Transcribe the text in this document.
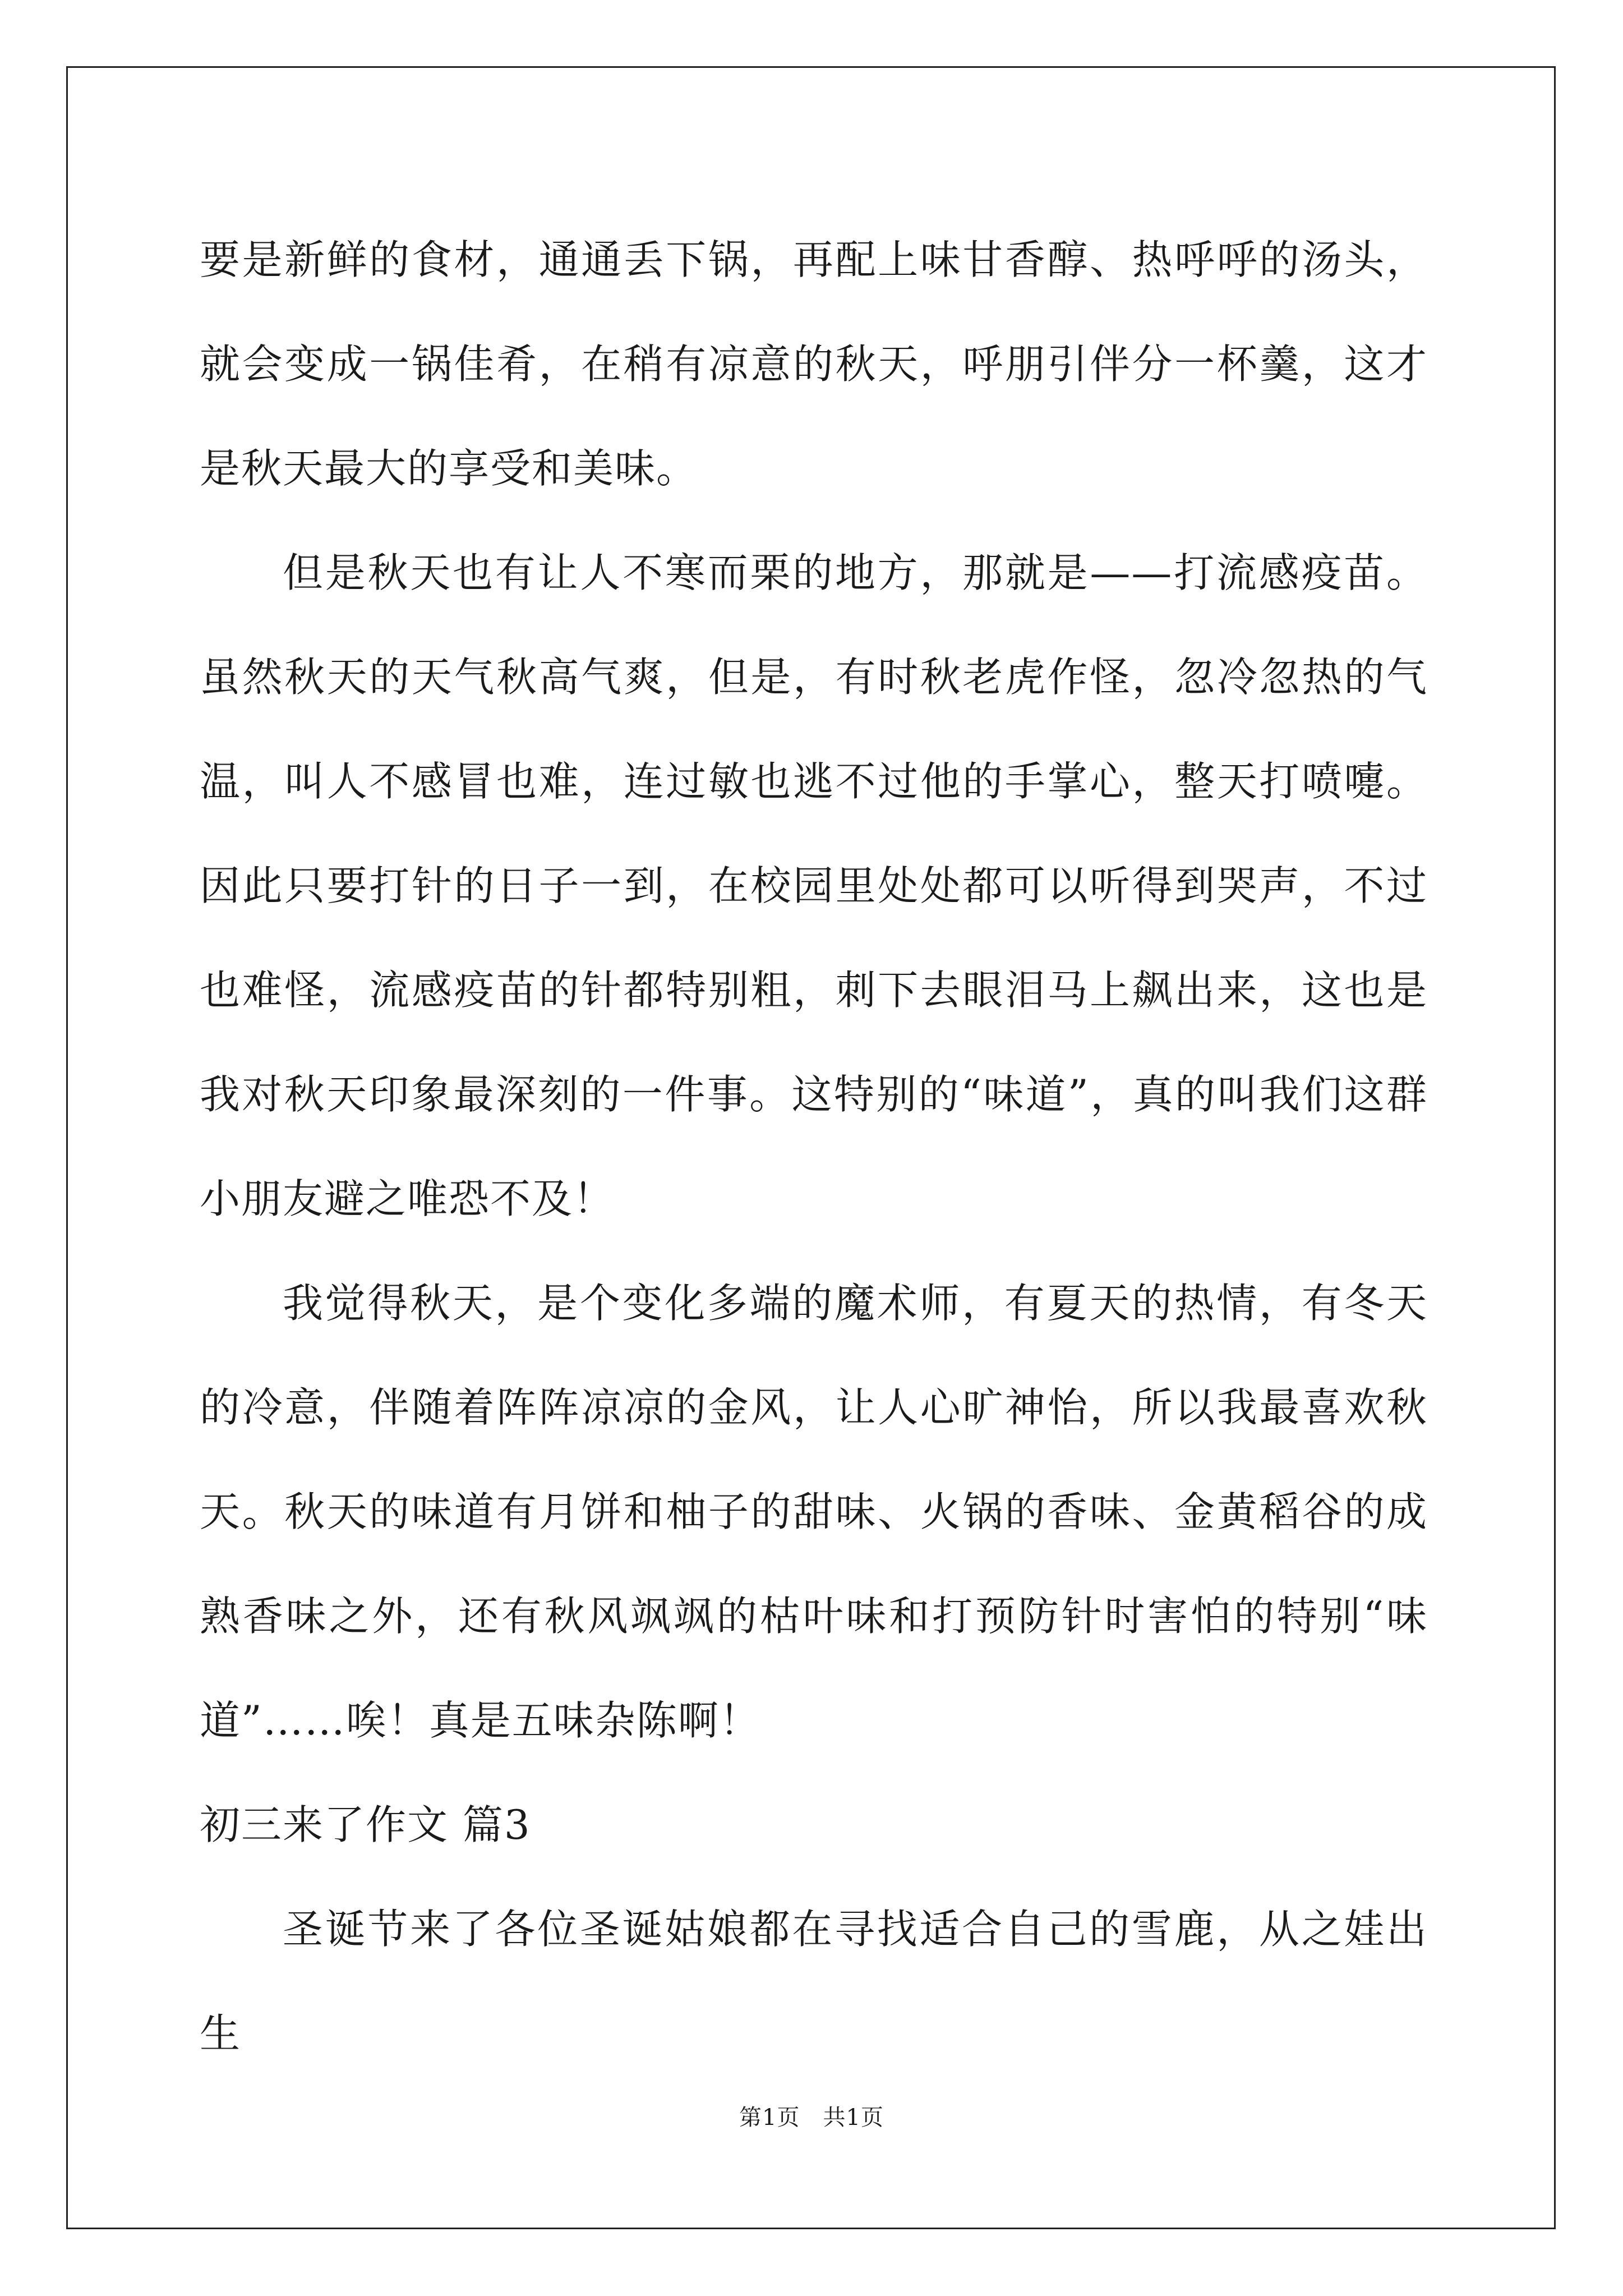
要是新鲜的食材，通通丢下锅，再配上味甘香醇、热呼呼的汤头，就会变成一锅佳肴，在稍有凉意的秋天，呼朋引伴分一杯羹，这才是秋天最大的享受和美味。

但是秋天也有让人不寒而栗的地方，那就是——打流感疫苗。虽然秋天的天气秋高气爽，但是，有时秋老虎作怪，忽冷忽热的气温，叫人不感冒也难，连过敏也逃不过他的手掌心，整天打喷嚏。因此只要打针的日子一到，在校园里处处都可以听得到哭声，不过也难怪，流感疫苗的针都特别粗，刺下去眼泪马上飙出来，这也是我对秋天印象最深刻的一件事。这特别的“味道”，真的叫我们这群小朋友避之唯恐不及！

我觉得秋天，是个变化多端的魔术师，有夏天的热情，有冬天的冷意，伴随着阵阵凉凉的金风，让人心旷神怡，所以我最喜欢秋天。秋天的味道有月饼和柚子的甜味、火锅的香味、金黄稻谷的成熟香味之外，还有秋风飒飒的枯叶味和打预防针时害怕的特别“味道”……唉！真是五味杂陈啊！

初三来了作文 篇3

圣诞节来了各位圣诞姑娘都在寻找适合自己的雪鹿，从之娃出生

第1页　共1页
